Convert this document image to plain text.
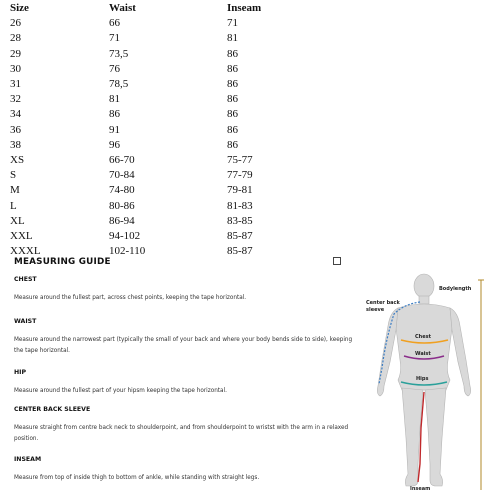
Size	Waist	Inseam
26	66	71
28	71	81
29	73,5	86
30	76	86
31	78,5	86
32	81	86
34	86	86
36	91	86
38	96	86
XS	66-70	75-77
S	70-84	77-79
M	74-80	79-81
L	80-86	81-83
XL	86-94	83-85
XXL	94-102	85-87
XXXL	102-110	85-87
MEASURING GUIDE
CHEST

Measure around the fullest part, across chest points, keeping the tape horizontal.

WAIST

Measure around the narrowest part (typically the small of your back and where your body bends side to side), keeping the tape horizontal.

HIP

Measure around the fullest part of your hipsm keeping the tape horizontal.

CENTER BACK SLEEVE

Measure straight from centre back neck to shoulderpoint, and from shoulderpoint to wristst with the arm in a relaxed position.

INSEAM

Measure from top of inside thigh to bottom of ankle, while standing with straight legs.

Bodylength
Center back
sleeve
Chest
Waist
Hips
Inseam
